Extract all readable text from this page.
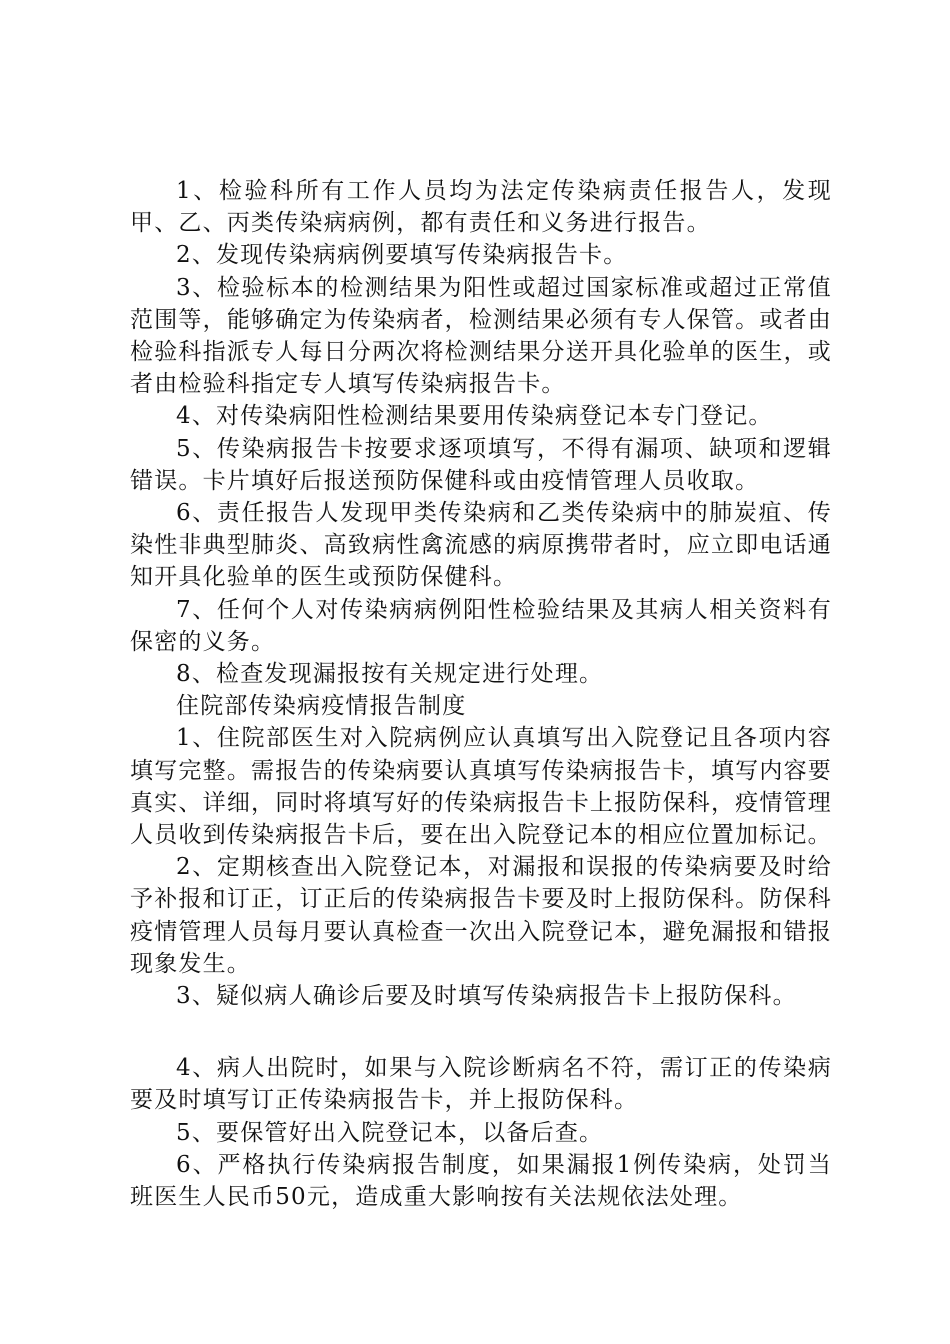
1、检验科所有工作人员均为法定传染病责任报告人，发现甲、乙、丙类传染病病例，都有责任和义务进行报告。

2、发现传染病病例要填写传染病报告卡。

3、检验标本的检测结果为阳性或超过国家标准或超过正常值范围等，能够确定为传染病者，检测结果必须有专人保管。或者由检验科指派专人每日分两次将检测结果分送开具化验单的医生，或者由检验科指定专人填写传染病报告卡。

4、对传染病阳性检测结果要用传染病登记本专门登记。

5、传染病报告卡按要求逐项填写，不得有漏项、缺项和逻辑错误。卡片填好后报送预防保健科或由疫情管理人员收取。

6、责任报告人发现甲类传染病和乙类传染病中的肺炭疽、传染性非典型肺炎、高致病性禽流感的病原携带者时，应立即电话通知开具化验单的医生或预防保健科。

7、任何个人对传染病病例阳性检验结果及其病人相关资料有保密的义务。

8、检查发现漏报按有关规定进行处理。

住院部传染病疫情报告制度

1、住院部医生对入院病例应认真填写出入院登记且各项内容填写完整。需报告的传染病要认真填写传染病报告卡，填写内容要真实、详细，同时将填写好的传染病报告卡上报防保科，疫情管理人员收到传染病报告卡后，要在出入院登记本的相应位置加标记。

2、定期核查出入院登记本，对漏报和误报的传染病要及时给予补报和订正，订正后的传染病报告卡要及时上报防保科。防保科疫情管理人员每月要认真检查一次出入院登记本，避免漏报和错报现象发生。

3、疑似病人确诊后要及时填写传染病报告卡上报防保科。

4、病人出院时，如果与入院诊断病名不符，需订正的传染病要及时填写订正传染病报告卡，并上报防保科。

5、要保管好出入院登记本，以备后查。

6、严格执行传染病报告制度，如果漏报1例传染病，处罚当班医生人民币50元，造成重大影响按有关法规依法处理。
